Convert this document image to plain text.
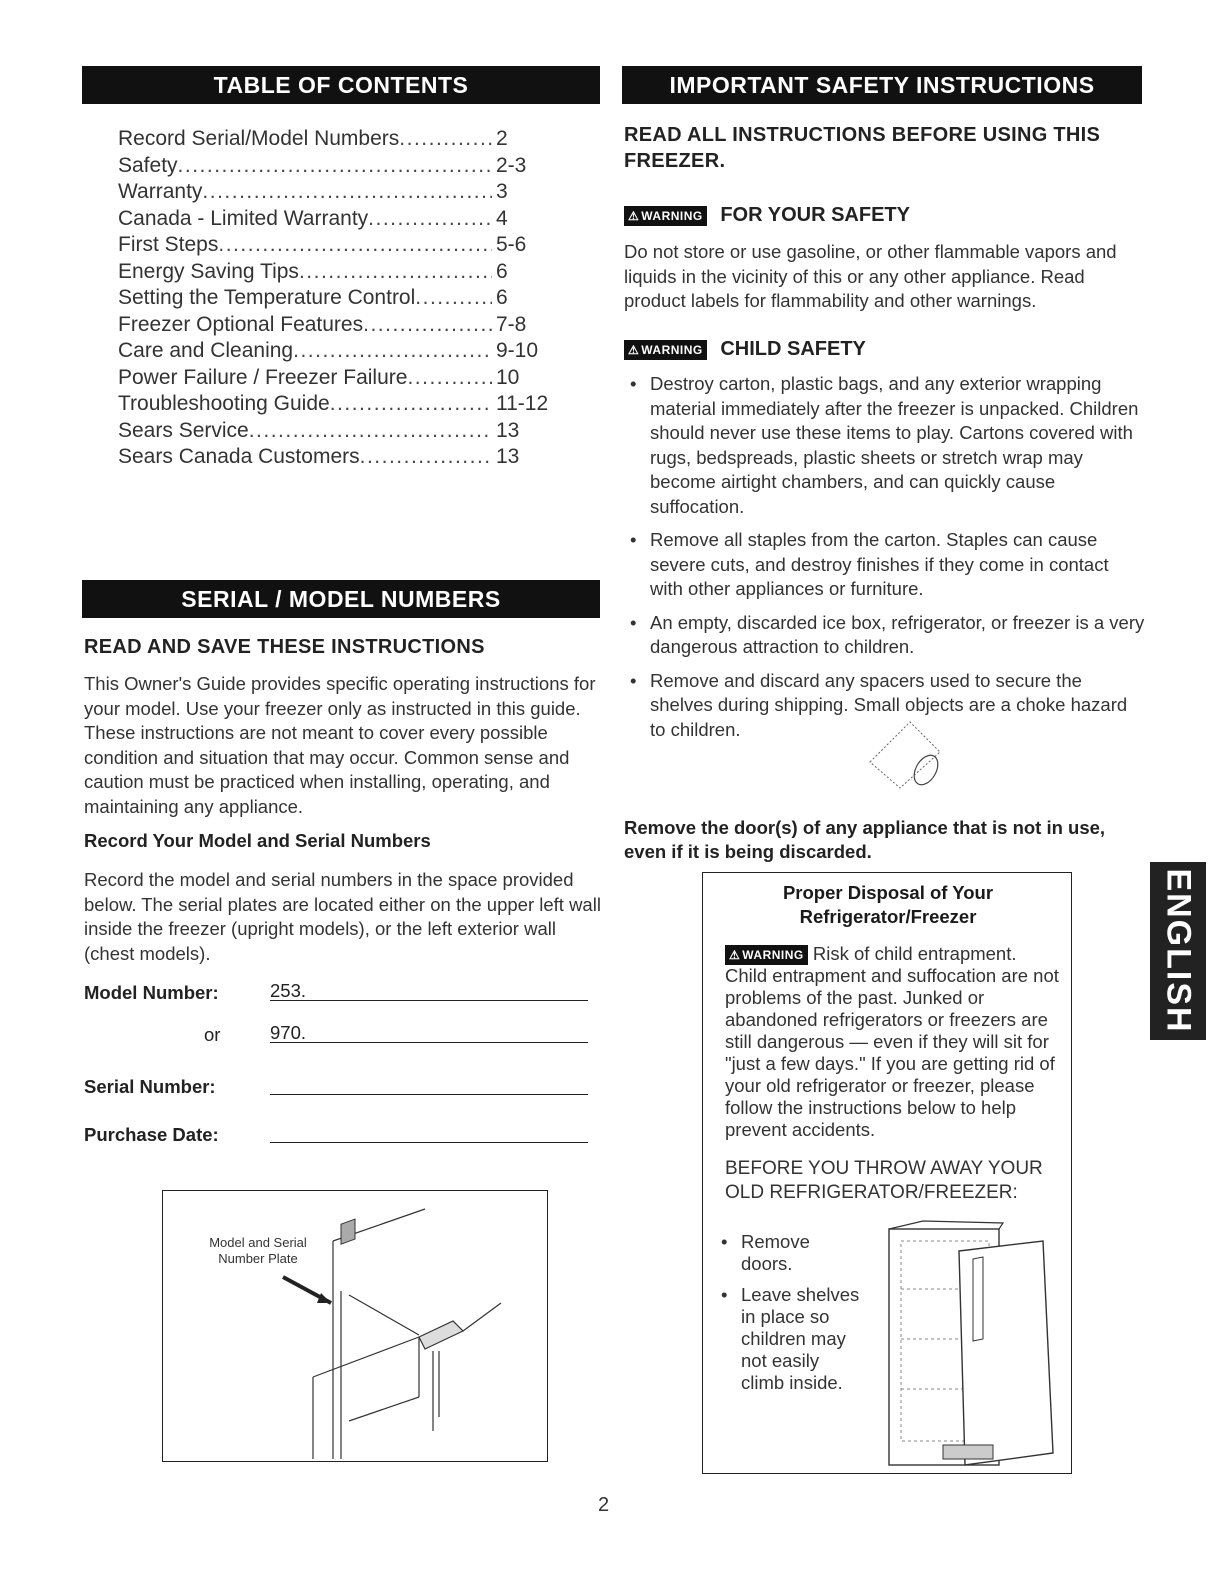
TABLE OF CONTENTS
Record Serial/Model Numbers .....	2
Safety .....	2-3
Warranty .....	3
Canada - Limited Warranty .....	4
First Steps .....	5-6
Energy Saving Tips .....	6
Setting the Temperature Control .....	6
Freezer Optional Features .....	7-8
Care and Cleaning .....	9-10
Power Failure / Freezer Failure .....	10
Troubleshooting Guide .....	11-12
Sears Service .....	13
Sears Canada Customers .....	13
SERIAL / MODEL NUMBERS
READ AND SAVE THESE INSTRUCTIONS
This Owner's Guide provides specific operating instructions for your model. Use your freezer only as instructed in this guide. These instructions are not meant to cover every possible condition and situation that may occur. Common sense and caution must be practiced when installing, operating, and maintaining any appliance.
Record Your Model and Serial Numbers
Record the model and serial numbers in the space provided below. The serial plates are located either on the upper left wall inside the freezer (upright models), or the left exterior wall (chest models).
Model Number:	253.
or	970.
Serial Number:
Purchase Date:
Model and Serial Number Plate
IMPORTANT SAFETY INSTRUCTIONS
READ ALL INSTRUCTIONS BEFORE USING THIS FREEZER.
⚠ WARNING FOR YOUR SAFETY
Do not store or use gasoline, or other flammable vapors and liquids in the vicinity of this or any other appliance. Read product labels for flammability and other warnings.
⚠ WARNING CHILD SAFETY
• Destroy carton, plastic bags, and any exterior wrapping material immediately after the freezer is unpacked. Children should never use these items to play. Cartons covered with rugs, bedspreads, plastic sheets or stretch wrap may become airtight chambers, and can quickly cause suffocation.
• Remove all staples from the carton. Staples can cause severe cuts, and destroy finishes if they come in contact with other appliances or furniture.
• An empty, discarded ice box, refrigerator, or freezer is a very dangerous attraction to children.
• Remove and discard any spacers used to secure the shelves during shipping. Small objects are a choke hazard to children.
Remove the door(s) of any appliance that is not in use, even if it is being discarded.
Proper Disposal of Your Refrigerator/Freezer
⚠ WARNING Risk of child entrapment. Child entrapment and suffocation are not problems of the past. Junked or abandoned refrigerators or freezers are still dangerous — even if they will sit for "just a few days." If you are getting rid of your old refrigerator or freezer, please follow the instructions below to help prevent accidents.
BEFORE YOU THROW AWAY YOUR OLD REFRIGERATOR/FREEZER:
• Remove doors.
• Leave shelves in place so children may not easily climb inside.
ENGLISH
2
